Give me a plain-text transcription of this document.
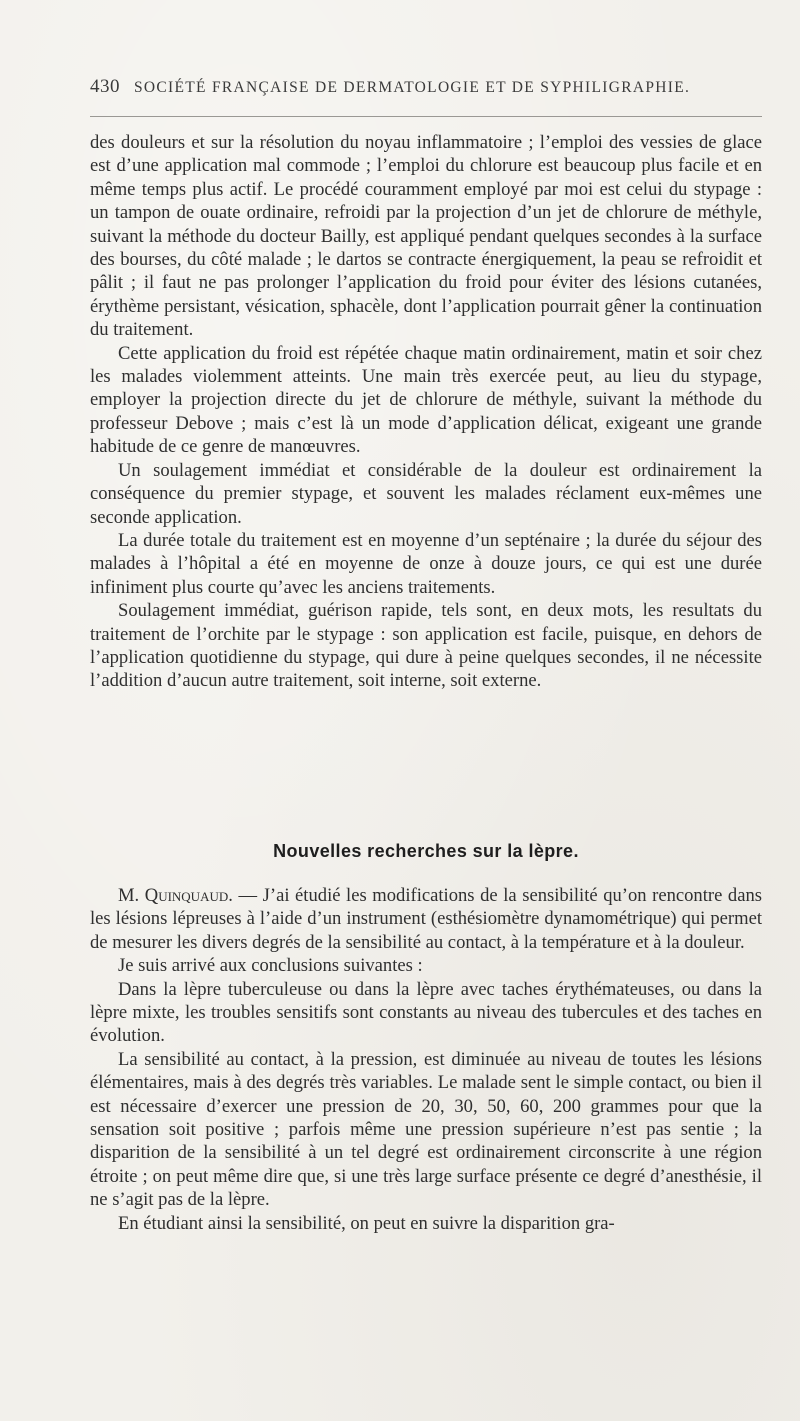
430 SOCIÉTÉ FRANÇAISE DE DERMATOLOGIE ET DE SYPHILIGRAPHIE.

des douleurs et sur la résolution du noyau inflammatoire ; l’emploi des vessies de glace est d’une application mal commode ; l’emploi du chlorure est beaucoup plus facile et en même temps plus actif. Le procédé couramment employé par moi est celui du stypage : un tampon de ouate ordinaire, refroidi par la projection d’un jet de chlorure de méthyle, suivant la méthode du docteur Bailly, est appliqué pendant quelques secondes à la surface des bourses, du côté malade ; le dartos se contracte énergiquement, la peau se refroidit et pâlit ; il faut ne pas prolonger l’application du froid pour éviter des lésions cutanées, érythème persistant, vésication, sphacèle, dont l’application pourrait gêner la continuation du traitement.

Cette application du froid est répétée chaque matin ordinairement, matin et soir chez les malades violemment atteints. Une main très exercée peut, au lieu du stypage, employer la projection directe du jet de chlorure de méthyle, suivant la méthode du professeur Debove ; mais c’est là un mode d’application délicat, exigeant une grande habitude de ce genre de manœuvres.

Un soulagement immédiat et considérable de la douleur est ordinairement la conséquence du premier stypage, et souvent les malades réclament eux-mêmes une seconde application.

La durée totale du traitement est en moyenne d’un septénaire ; la durée du séjour des malades à l’hôpital a été en moyenne de onze à douze jours, ce qui est une durée infiniment plus courte qu’avec les anciens traitements.

Soulagement immédiat, guérison rapide, tels sont, en deux mots, les resultats du traitement de l’orchite par le stypage : son application est facile, puisque, en dehors de l’application quotidienne du stypage, qui dure à peine quelques secondes, il ne nécessite l’addition d’aucun autre traitement, soit interne, soit externe.

Nouvelles recherches sur la lèpre.

M. Quinquaud. — J’ai étudié les modifications de la sensibilité qu’on rencontre dans les lésions lépreuses à l’aide d’un instrument (esthésiomètre dynamométrique) qui permet de mesurer les divers degrés de la sensibilité au contact, à la température et à la douleur.

Je suis arrivé aux conclusions suivantes :

Dans la lèpre tuberculeuse ou dans la lèpre avec taches érythémateuses, ou dans la lèpre mixte, les troubles sensitifs sont constants au niveau des tubercules et des taches en évolution.

La sensibilité au contact, à la pression, est diminuée au niveau de toutes les lésions élémentaires, mais à des degrés très variables. Le malade sent le simple contact, ou bien il est nécessaire d’exercer une pression de 20, 30, 50, 60, 200 grammes pour que la sensation soit positive ; parfois même une pression supérieure n’est pas sentie ; la disparition de la sensibilité à un tel degré est ordinairement circonscrite à une région étroite ; on peut même dire que, si une très large surface présente ce degré d’anesthésie, il ne s’agit pas de la lèpre.

En étudiant ainsi la sensibilité, on peut en suivre la disparition gra-
